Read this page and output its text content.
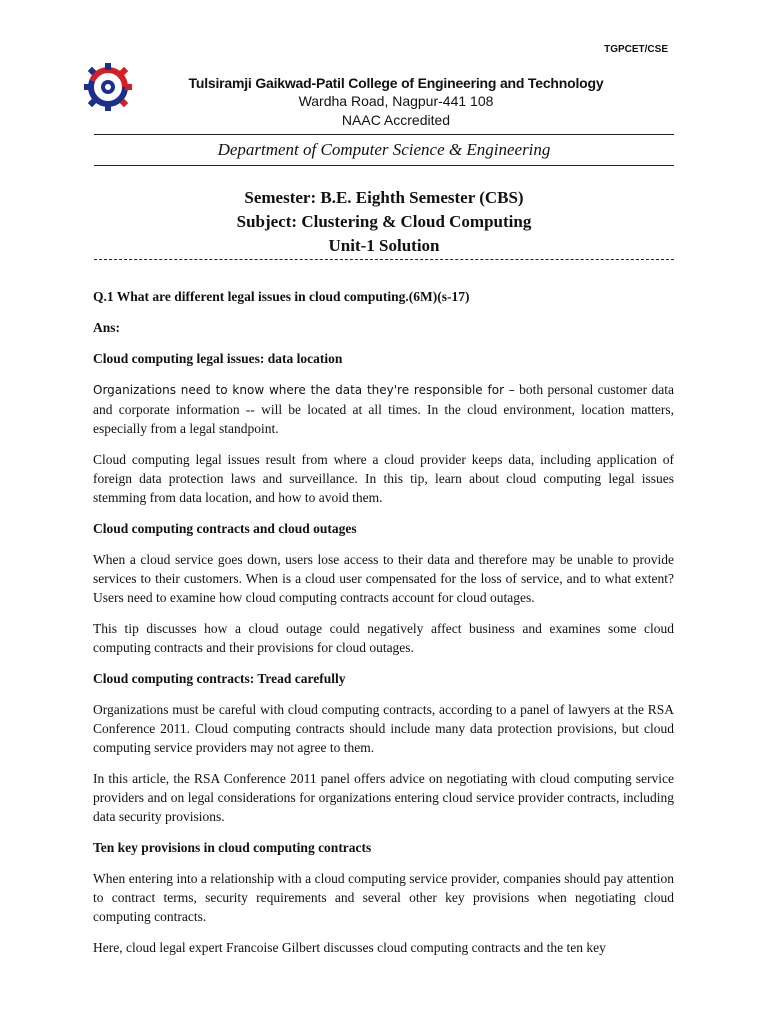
TGPCET/CSE
Tulsiramji Gaikwad-Patil College of Engineering and Technology
Wardha Road, Nagpur-441 108
NAAC Accredited
Department of Computer Science & Engineering
Semester: B.E. Eighth Semester (CBS)
Subject: Clustering & Cloud Computing
Unit-1 Solution

Q.1 What are different legal issues in cloud computing.(6M)(s-17)

Ans:

Cloud computing legal issues: data location

Organizations need to know where the data they're responsible for – both personal customer data and corporate information -- will be located at all times. In the cloud environment, location matters, especially from a legal standpoint.

Cloud computing legal issues result from where a cloud provider keeps data, including application of foreign data protection laws and surveillance. In this tip, learn about cloud computing legal issues stemming from data location, and how to avoid them.

Cloud computing contracts and cloud outages

When a cloud service goes down, users lose access to their data and therefore may be unable to provide services to their customers. When is a cloud user compensated for the loss of service, and to what extent? Users need to examine how cloud computing contracts account for cloud outages.

This tip discusses how a cloud outage could negatively affect business and examines some cloud computing contracts and their provisions for cloud outages.

Cloud computing contracts: Tread carefully

Organizations must be careful with cloud computing contracts, according to a panel of lawyers at the RSA Conference 2011. Cloud computing contracts should include many data protection provisions, but cloud computing service providers may not agree to them.

In this article, the RSA Conference 2011 panel offers advice on negotiating with cloud computing service providers and on legal considerations for organizations entering cloud service provider contracts, including data security provisions.

Ten key provisions in cloud computing contracts

When entering into a relationship with a cloud computing service provider, companies should pay attention to contract terms, security requirements and several other key provisions when negotiating cloud computing contracts.

Here, cloud legal expert Francoise Gilbert discusses cloud computing contracts and the ten key
